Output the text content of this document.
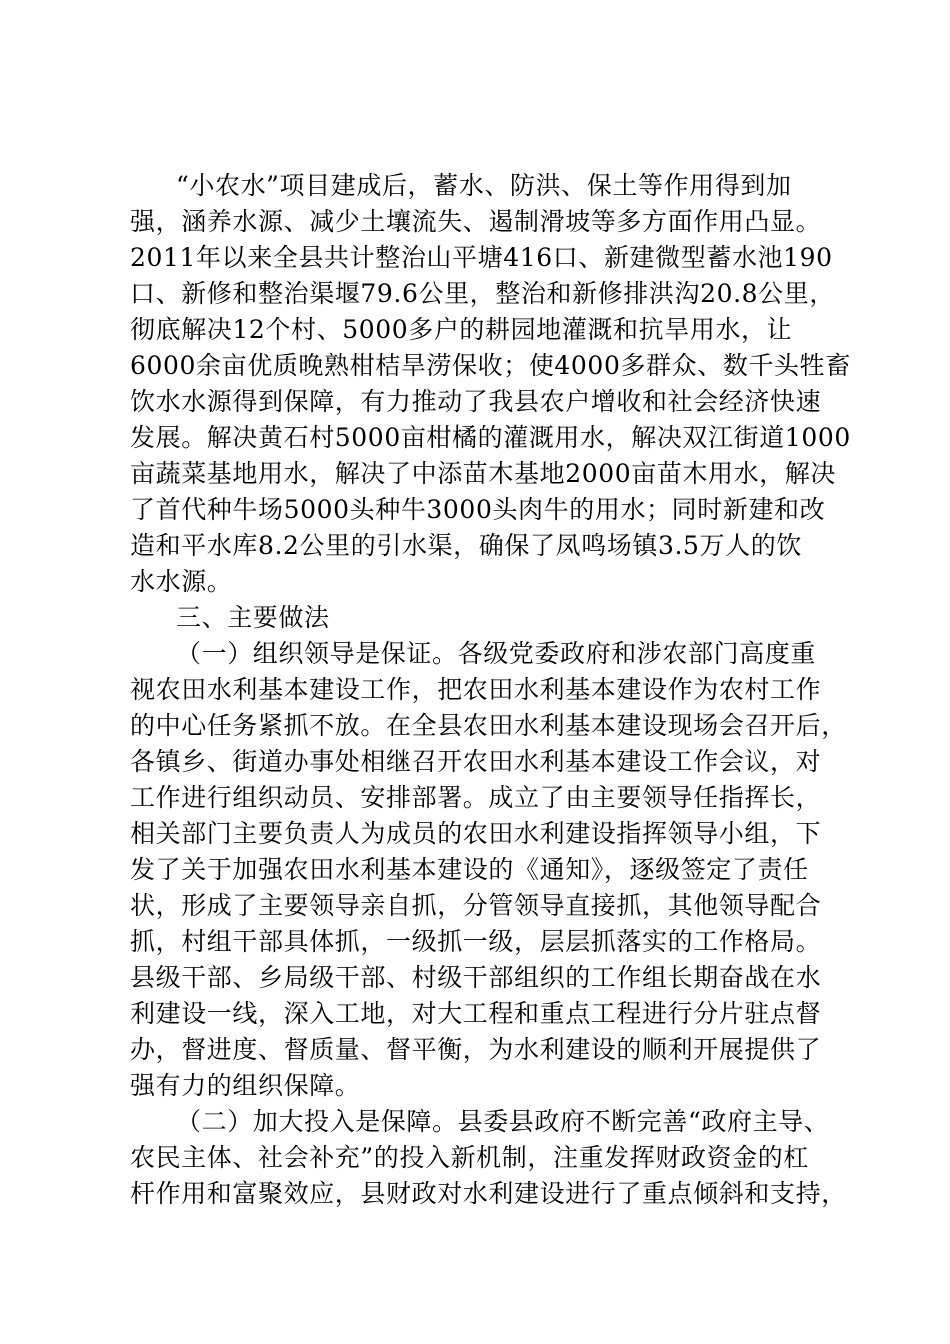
“小农水”项目建成后，蓄水、防洪、保土等作用得到加
强，涵养水源、减少土壤流失、遏制滑坡等多方面作用凸显。
2011年以来全县共计整治山平塘416口、新建微型蓄水池190
口、新修和整治渠堰79.6公里，整治和新修排洪沟20.8公里，
彻底解决12个村、5000多户的耕园地灌溉和抗旱用水，让
6000余亩优质晚熟柑桔旱涝保收；使4000多群众、数千头牲畜
饮水水源得到保障，有力推动了我县农户增收和社会经济快速
发展。解决黄石村5000亩柑橘的灌溉用水，解决双江街道1000
亩蔬菜基地用水，解决了中添苗木基地2000亩苗木用水，解决
了首代种牛场5000头种牛3000头肉牛的用水；同时新建和改
造和平水库8.2公里的引水渠，确保了凤鸣场镇3.5万人的饮
水水源。
三、主要做法
（一）组织领导是保证。各级党委政府和涉农部门高度重
视农田水利基本建设工作，把农田水利基本建设作为农村工作
的中心任务紧抓不放。在全县农田水利基本建设现场会召开后，
各镇乡、街道办事处相继召开农田水利基本建设工作会议，对
工作进行组织动员、安排部署。成立了由主要领导任指挥长，
相关部门主要负责人为成员的农田水利建设指挥领导小组，下
发了关于加强农田水利基本建设的《通知》，逐级签定了责任
状，形成了主要领导亲自抓，分管领导直接抓，其他领导配合
抓，村组干部具体抓，一级抓一级，层层抓落实的工作格局。
县级干部、乡局级干部、村级干部组织的工作组长期奋战在水
利建设一线，深入工地，对大工程和重点工程进行分片驻点督
办，督进度、督质量、督平衡，为水利建设的顺利开展提供了
强有力的组织保障。
（二）加大投入是保障。县委县政府不断完善“政府主导、
农民主体、社会补充”的投入新机制，注重发挥财政资金的杠
杆作用和富聚效应，县财政对水利建设进行了重点倾斜和支持，
